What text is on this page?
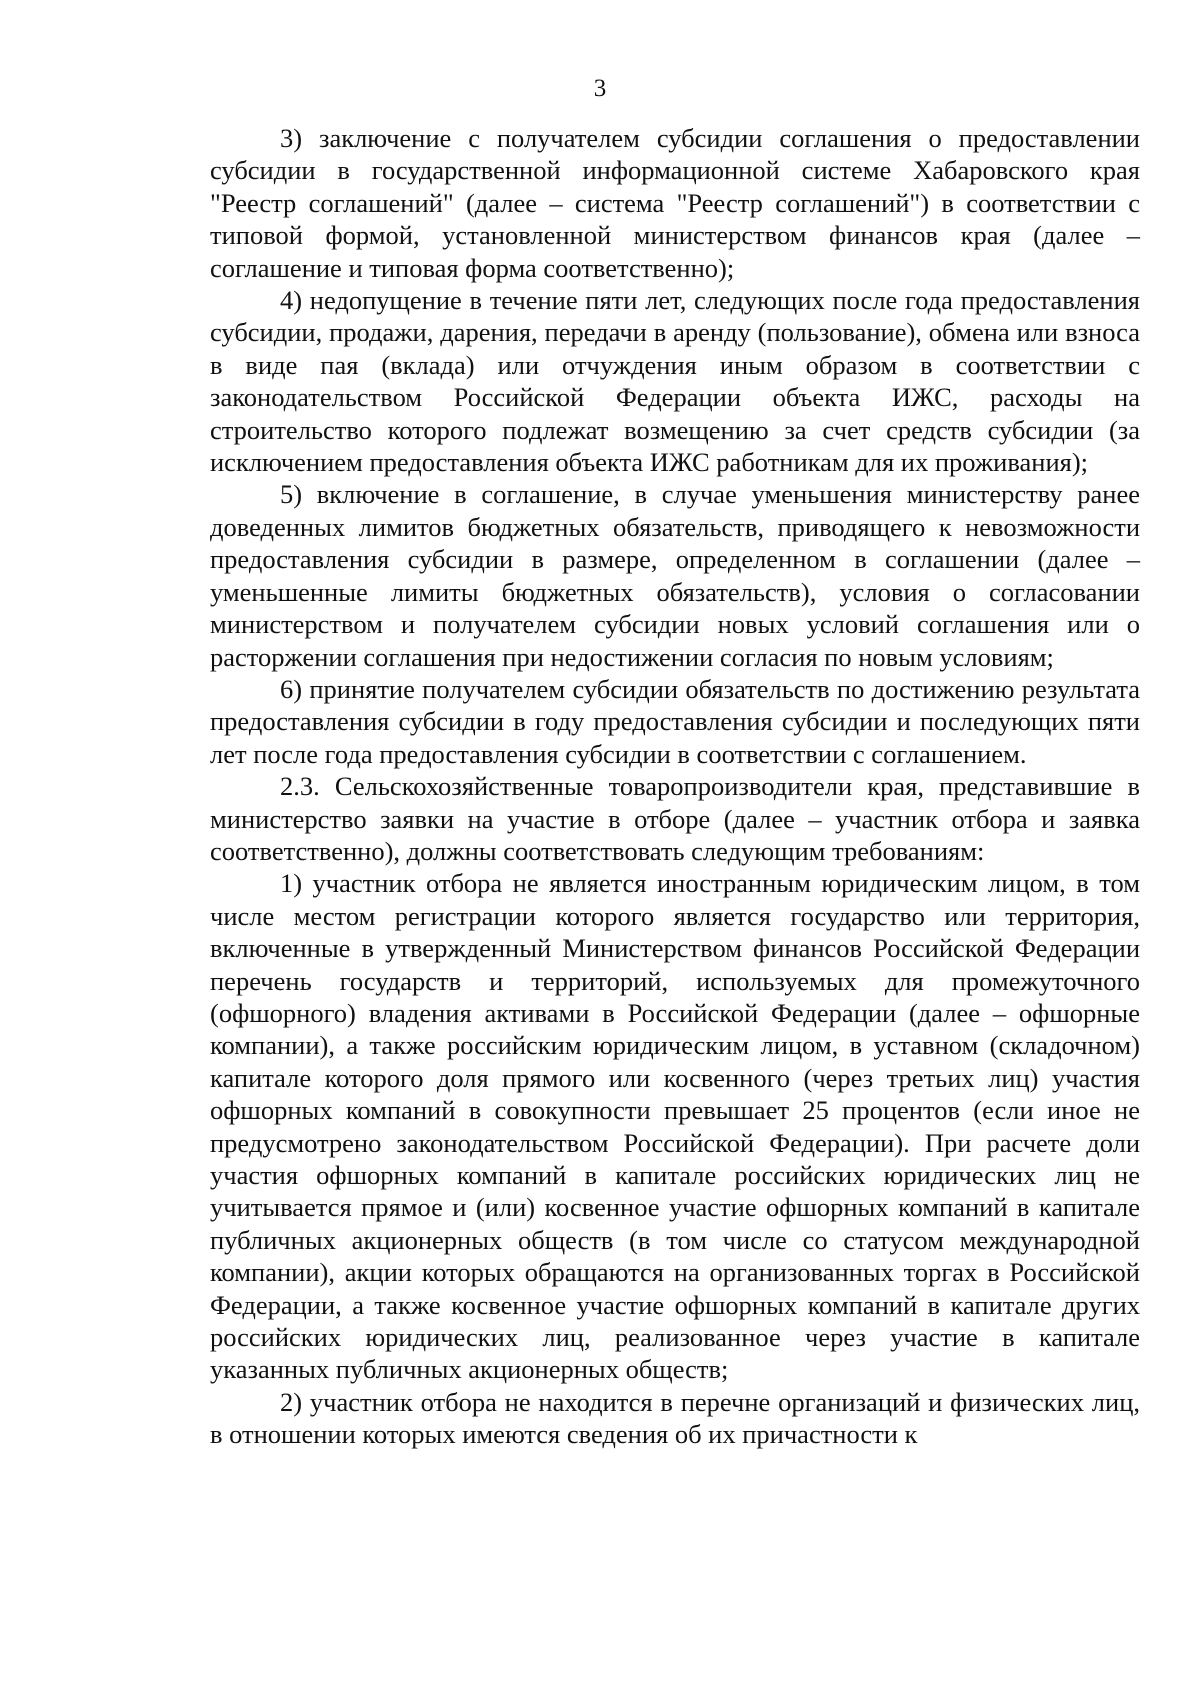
3

3) заключение с получателем субсидии соглашения о предоставлении субсидии в государственной информационной системе Хабаровского края "Реестр соглашений" (далее – система "Реестр соглашений") в соответствии с типовой формой, установленной министерством финансов края (далее – соглашение и типовая форма соответственно);

4) недопущение в течение пяти лет, следующих после года предоставления субсидии, продажи, дарения, передачи в аренду (пользование), обмена или взноса в виде пая (вклада) или отчуждения иным образом в соответствии с законодательством Российской Федерации объекта ИЖС, расходы на строительство которого подлежат возмещению за счет средств субсидии (за исключением предоставления объекта ИЖС работникам для их проживания);

5) включение в соглашение, в случае уменьшения министерству ранее доведенных лимитов бюджетных обязательств, приводящего к невозможности предоставления субсидии в размере, определенном в соглашении (далее – уменьшенные лимиты бюджетных обязательств), условия о согласовании министерством и получателем субсидии новых условий соглашения или о расторжении соглашения при недостижении согласия по новым условиям;

6) принятие получателем субсидии обязательств по достижению результата предоставления субсидии в году предоставления субсидии и последующих пяти лет после года предоставления субсидии в соответствии с соглашением.

2.3. Сельскохозяйственные товаропроизводители края, представившие в министерство заявки на участие в отборе (далее – участник отбора и заявка соответственно), должны соответствовать следующим требованиям:

1) участник отбора не является иностранным юридическим лицом, в том числе местом регистрации которого является государство или территория, включенные в утвержденный Министерством финансов Российской Федерации перечень государств и территорий, используемых для промежуточного (офшорного) владения активами в Российской Федерации (далее – офшорные компании), а также российским юридическим лицом, в уставном (складочном) капитале которого доля прямого или косвенного (через третьих лиц) участия офшорных компаний в совокупности превышает 25 процентов (если иное не предусмотрено законодательством Российской Федерации). При расчете доли участия офшорных компаний в капитале российских юридических лиц не учитывается прямое и (или) косвенное участие офшорных компаний в капитале публичных акционерных обществ (в том числе со статусом международной компании), акции которых обращаются на организованных торгах в Российской Федерации, а также косвенное участие офшорных компаний в капитале других российских юридических лиц, реализованное через участие в капитале указанных публичных акционерных обществ;

2) участник отбора не находится в перечне организаций и физических лиц, в отношении которых имеются сведения об их причастности к
